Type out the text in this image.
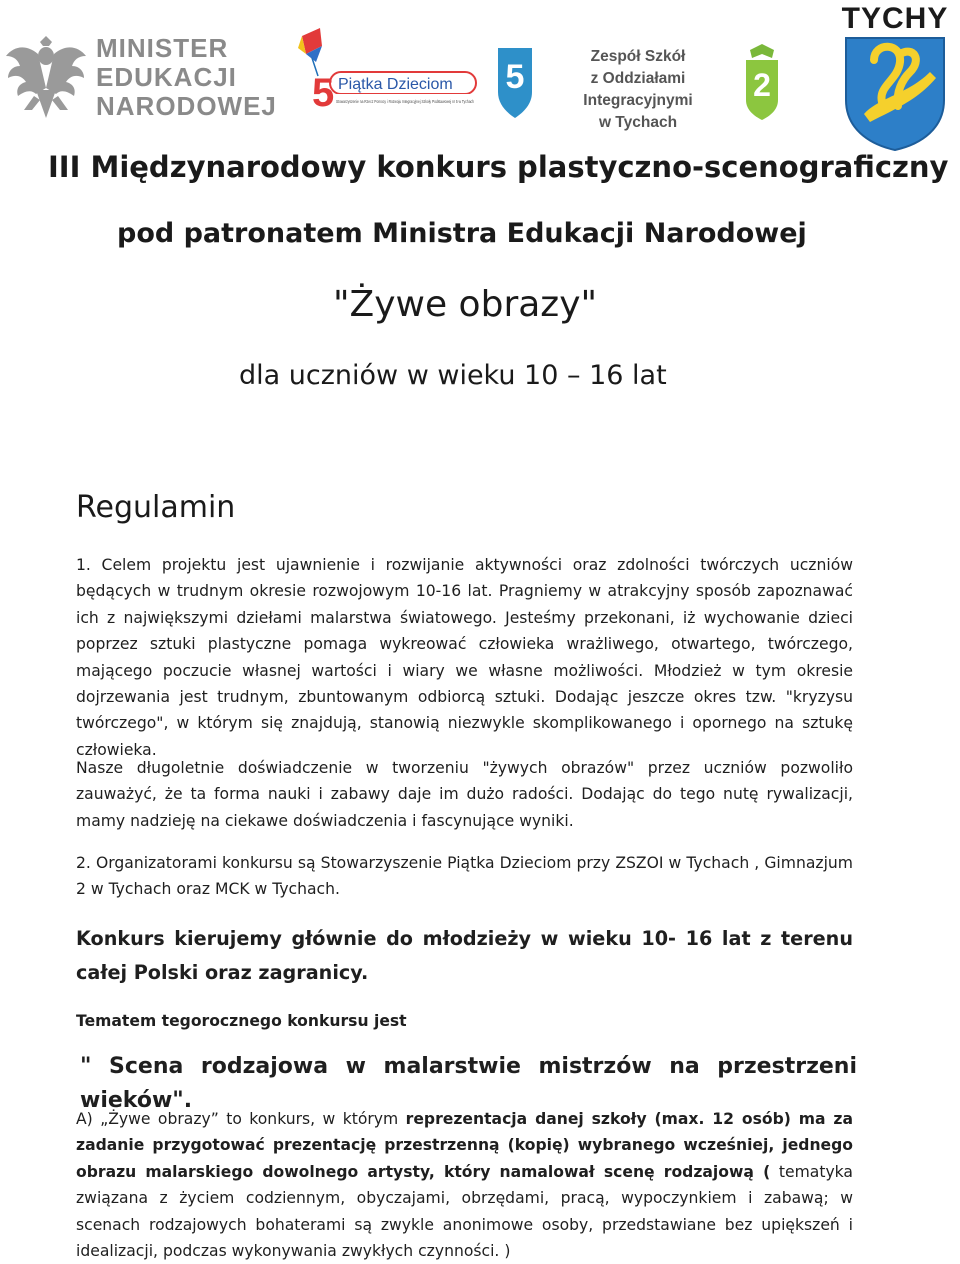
MINISTER
EDUKACJI
NARODOWEJ 5 Piątka Dzieciom
Stowarzyszenie na Rzecz Pomocy i Rozwoju Integracyjnej Szkoły Podstawowej nr 5 w Tychach
5	2
Zespół Szkół
z Oddziałami Integracyjnymi
w Tychach
TYCHY
III Międzynarodowy konkurs plastyczno-scenograficzny
pod patronatem Ministra Edukacji Narodowej
"Żywe obrazy"
dla uczniów w wieku 10 – 16 lat
Regulamin
1. Celem projektu jest ujawnienie i rozwijanie aktywności oraz zdolności twórczych uczniów będących w trudnym okresie rozwojowym 10-16 lat. Pragniemy w atrakcyjny sposób zapoznawać ich z największymi dziełami malarstwa światowego. Jesteśmy przekonani, iż wychowanie dzieci poprzez sztuki plastyczne pomaga wykreować człowieka wrażliwego, otwartego, twórczego, mającego poczucie własnej wartości i wiary we własne możliwości. Młodzież w tym okresie dojrzewania jest trudnym, zbuntowanym odbiorcą sztuki. Dodając jeszcze okres tzw. "kryzysu twórczego", w którym się znajdują, stanowią niezwykle skomplikowanego i opornego na sztukę człowieka.
Nasze długoletnie doświadczenie w tworzeniu "żywych obrazów" przez uczniów pozwoliło zauważyć, że ta forma nauki i zabawy daje im dużo radości. Dodając do tego nutę rywalizacji, mamy nadzieję na ciekawe doświadczenia i fascynujące wyniki.
2. Organizatorami konkursu są Stowarzyszenie Piątka Dzieciom przy ZSZOI w Tychach , Gimnazjum 2 w Tychach oraz MCK w Tychach.
Konkurs kierujemy głównie do młodzieży w wieku 10- 16 lat z terenu całej Polski oraz zagranicy.
Tematem tegorocznego konkursu jest
" Scena rodzajowa w malarstwie mistrzów na przestrzeni wieków".
A) „Żywe obrazy” to konkurs, w którym reprezentacja danej szkoły (max. 12 osób) ma za zadanie przygotować prezentację przestrzenną (kopię) wybranego wcześniej, jednego obrazu malarskiego dowolnego artysty, który namalował scenę rodzajową ( tematyka związana z życiem codziennym, obyczajami, obrzędami, pracą, wypoczynkiem i zabawą; w scenach rodzajowych bohaterami są zwykle anonimowe osoby, przedstawiane bez upiększeń i idealizacji, podczas wykonywania zwykłych czynności. )
